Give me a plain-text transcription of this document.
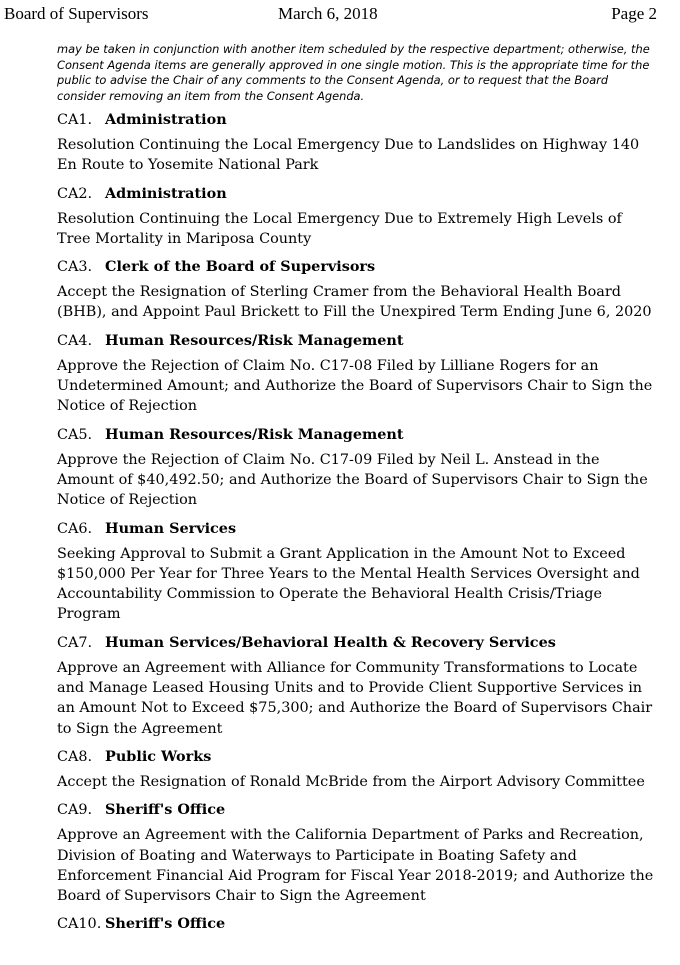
Board of Supervisors	March 6, 2018	Page 2
may be taken in conjunction with another item scheduled by the respective department; otherwise, the Consent Agenda items are generally approved in one single motion. This is the appropriate time for the public to advise the Chair of any comments to the Consent Agenda, or to request that the Board consider removing an item from the Consent Agenda.
CA1. Administration

Resolution Continuing the Local Emergency Due to Landslides on Highway 140 En Route to Yosemite National Park

CA2. Administration

Resolution Continuing the Local Emergency Due to Extremely High Levels of Tree Mortality in Mariposa County

CA3. Clerk of the Board of Supervisors

Accept the Resignation of Sterling Cramer from the Behavioral Health Board (BHB), and Appoint Paul Brickett to Fill the Unexpired Term Ending June 6, 2020

CA4. Human Resources/Risk Management

Approve the Rejection of Claim No. C17-08 Filed by Lilliane Rogers for an Undetermined Amount; and Authorize the Board of Supervisors Chair to Sign the Notice of Rejection

CA5. Human Resources/Risk Management

Approve the Rejection of Claim No. C17-09 Filed by Neil L. Anstead in the Amount of $40,492.50; and Authorize the Board of Supervisors Chair to Sign the Notice of Rejection

CA6. Human Services

Seeking Approval to Submit a Grant Application in the Amount Not to Exceed $150,000 Per Year for Three Years to the Mental Health Services Oversight and Accountability Commission to Operate the Behavioral Health Crisis/Triage Program

CA7. Human Services/Behavioral Health & Recovery Services

Approve an Agreement with Alliance for Community Transformations to Locate and Manage Leased Housing Units and to Provide Client Supportive Services in an Amount Not to Exceed $75,300; and Authorize the Board of Supervisors Chair to Sign the Agreement

CA8. Public Works

Accept the Resignation of Ronald McBride from the Airport Advisory Committee

CA9. Sheriff's Office

Approve an Agreement with the California Department of Parks and Recreation, Division of Boating and Waterways to Participate in Boating Safety and Enforcement Financial Aid Program for Fiscal Year 2018-2019; and Authorize the Board of Supervisors Chair to Sign the Agreement

CA10. Sheriff's Office
